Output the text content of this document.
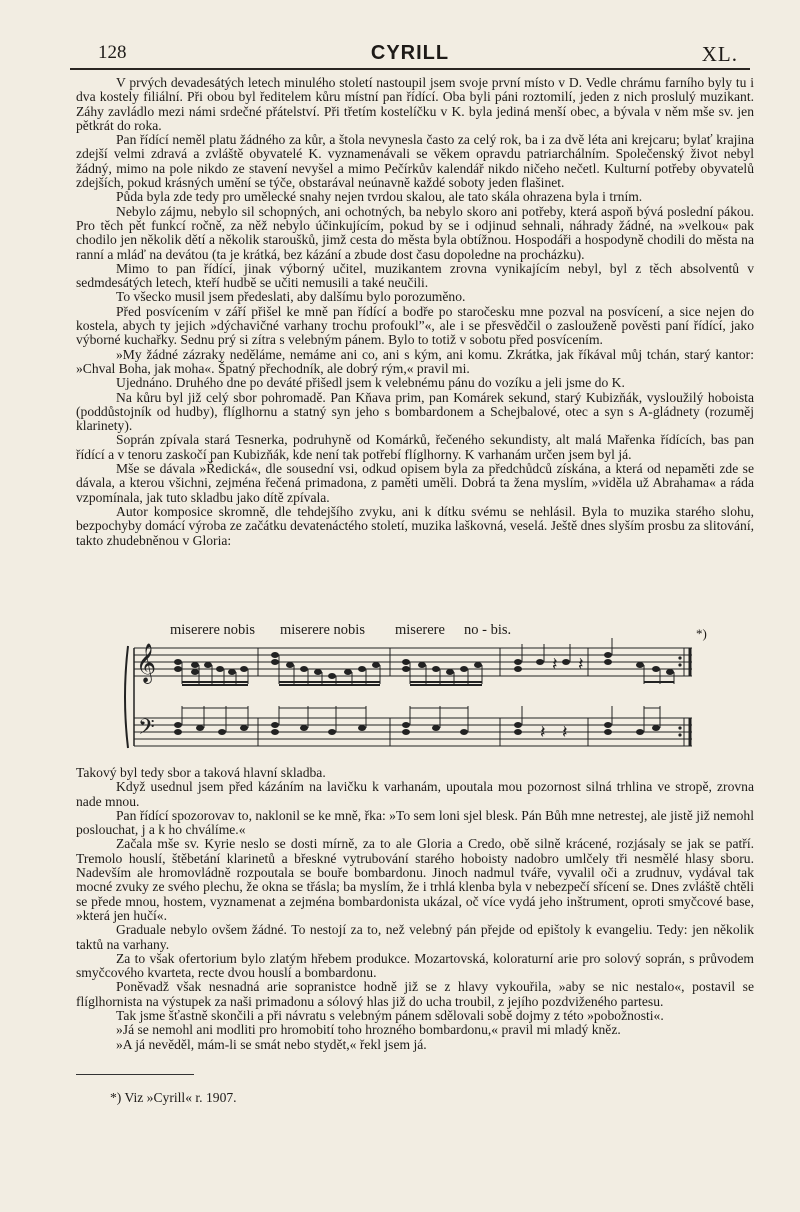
128	CYRILL	XL.

V prvých devadesátých letech minulého století nastoupil jsem svoje první místo v D. Vedle chrámu farního byly tu i dva kostely filiální. Při obou byl ředitelem kůru místní pan řídící. Oba byli páni roztomilí, jeden z nich proslulý muzikant. Záhy zavládlo mezi námi srdečné přátelství. Při třetím kostelíčku v K. byla jediná menší obec, a bývala v něm mše sv. jen pětkrát do roka.

Pan řídící neměl platu žádného za kůr, a štola nevynesla často za celý rok, ba i za dvě léta ani krejcaru; bylať krajina zdejší velmi zdravá a zvláště obyvatelé K. vyznamenávali se věkem opravdu patriarchálním. Společenský život nebyl žádný, mimo na pole nikdo ze stavení nevyšel a mimo Pečírkův kalendář nikdo ničeho nečetl. Kulturní potřeby obyvatelů zdejších, pokud krásných umění se týče, obstarával neúnavně každé soboty jeden flašinet.

Půda byla zde tedy pro umělecké snahy nejen tvrdou skalou, ale tato skála ohrazena byla i trním.

Nebylo zájmu, nebylo sil schopných, ani ochotných, ba nebylo skoro ani potřeby, která aspoň bývá poslední pákou. Pro těch pět funkcí ročně, za něž nebylo účinkujícím, pokud by se i odjinud sehnali, náhrady žádné, na »velkou« pak chodilo jen několik dětí a několik staroušků, jimž cesta do města byla obtížnou. Hospodáři a hospodyně chodili do města na ranní a mláď na devátou (ta je krátká, bez kázání a zbude dost času dopoledne na procházku).

Mimo to pan řídící, jinak výborný učitel, muzikantem zrovna vynikajícím nebyl, byl z těch absolventů v sedmdesátých letech, kteří hudbě se učiti nemusili a také neučili.

To všecko musil jsem předeslati, aby dalšímu bylo porozuměno.

Před posvícením v září přišel ke mně pan řídící a bodře po staročesku mne pozval na posvícení, a sice nejen do kostela, abych ty jejich »dýchavičné varhany trochu profouklˮ«, ale i se přesvědčil o zaslouženě pověsti paní řídící, jako výborné kuchařky. Sednu prý si zítra s velebným pánem. Bylo to totiž v sobotu před posvícením.

»My žádné zázraky neděláme, nemáme ani co, ani s kým, ani komu. Zkrátka, jak říkával můj tchán, starý kantor: »Chval Boha, jak moha«. Špatný přechodník, ale dobrý rým,« pravil mi.

Ujednáno. Druhého dne po deváté přišedl jsem k velebnému pánu do vozíku a jeli jsme do K.

Na kůru byl již celý sbor pohromadě. Pan Kňava prim, pan Komárek sekund, starý Kubizňák, vysloužilý hoboista (poddůstojník od hudby), flíglhornu a statný syn jeho s bombardonem a Schejbalové, otec a syn s A-gládnety (rozuměj klarinety).

Soprán zpívala stará Tesnerka, podruhyně od Komárků, řečeného sekundisty, alt malá Mařenka řídících, bas pan řídící a v tenoru zaskočí pan Kubizňák, kde není tak potřebí flíglhorny. K varhanám určen jsem byl já.

Mše se dávala »Ředická«, dle sousední vsi, odkud opisem byla za předchůdců získána, a která od nepaměti zde se dávala, a kterou všichni, zejména řečená primadona, z paměti uměli. Dobrá ta žena myslím, »viděla už Abrahama« a ráda vzpomínala, jak tuto skladbu jako dítě zpívala.

Autor komposice skromně, dle tehdejšího zvyku, ani k dítku svému se nehlásil. Byla to muzika starého slohu, bezpochyby domácí výroba ze začátku devatenáctého století, muzika laškovná, veselá. Ještě dnes slyším prosbu za slitování, takto zhudebněnou v Gloria:

miserere nobis miserere nobis miserere no - bis.	*)
𝄞
𝄢
𝄽 𝄽
𝄽 𝄽

Takový byl tedy sbor a taková hlavní skladba.

Když usednul jsem před kázáním na lavičku k varhanám, upoutala mou pozornost silná trhlina ve stropě, zrovna nade mnou.

Pan řídící spozorovav to, naklonil se ke mně, řka: »To sem loni sjel blesk. Pán Bůh mne netrestej, ale jistě již nemohl poslouchat, j a k ho chválíme.«

Začala mše sv. Kyrie neslo se dosti mírně, za to ale Gloria a Credo, obě silně krácené, rozjásaly se jak se patří. Tremolo houslí, štěbetání klarinetů a břeskné vytrubování starého hoboisty nadobro umlčely tři nesmělé hlasy sboru. Nadevším ale hromovládně rozpoutala se bouře bombardonu. Jinoch nadmul tváře, vyvalil oči a zrudnuv, vydával tak mocné zvuky ze svého plechu, že okna se třásla; ba myslím, že i trhlá klenba byla v nebezpečí sřícení se. Dnes zvláště chtěli se přede mnou, hostem, vyznamenat a zejména bombardonista ukázal, oč více vydá jeho inštrument, oproti smyčcové base, »která jen hučí«.

Graduale nebylo ovšem žádné. To nestojí za to, než velebný pán přejde od epištoly k evangeliu. Tedy: jen několik taktů na varhany.

Za to však ofertorium bylo zlatým hřebem produkce. Mozartovská, koloraturní arie pro solový soprán, s průvodem smyčcového kvarteta, recte dvou houslí a bombardonu.

Poněvadž však nesnadná arie sopranistce hodně již se z hlavy vykouřila, »aby se nic nestalo«, postavil se flíglhornista na výstupek za naši primadonu a sólový hlas již do ucha troubil, z jejího pozdviženého partesu.

Tak jsme šťastně skončili a při návratu s velebným pánem sdělovali sobě dojmy z této »pobožnosti«.

»Já se nemohl ani modliti pro hromobití toho hrozného bombardonu,« pravil mi mladý kněz.

»A já nevěděl, mám-li se smát nebo stydět,« řekl jsem já.

*) Viz »Cyrill« r. 1907.
